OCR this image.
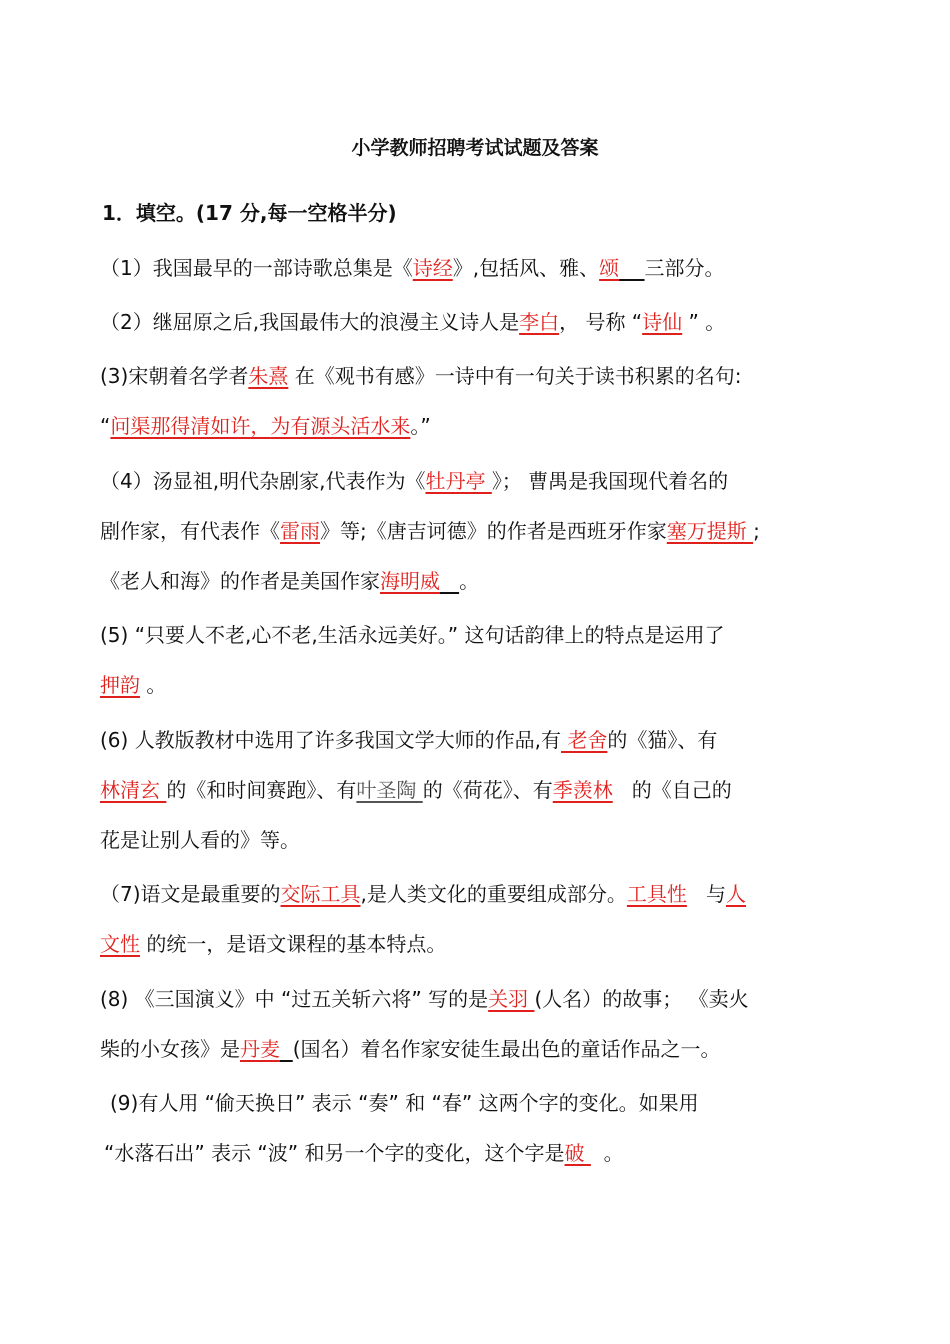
小学教师招聘考试试题及答案
1．填空。(17 分,每一空格半分)
（1）我国最早的一部诗歌总集是《诗经》,包括风、雅、颂 三部分。
（2）继屈原之后,我国最伟大的浪漫主义诗人是李白， 号称 “诗仙 ” 。
(3)宋朝着名学者朱熹 在《观书有感》一诗中有一句关于读书积累的名句:
“问渠那得清如许，为有源头活水来。”
（4）汤显祖,明代杂剧家,代表作为《牡丹亭 》； 曹禺是我国现代着名的
剧作家，有代表作《雷雨》等;《唐吉诃德》的作者是西班牙作家塞万提斯 ;
《老人和海》的作者是美国作家海明威 。
(5) “只要人不老,心不老,生活永远美好。” 这句话韵律上的特点是运用了
押韵 。
(6) 人教版教材中选用了许多我国文学大师的作品,有 老舍的《猫》、有
林清玄 的《和时间赛跑》、有叶圣陶 的《荷花》、有季羡林   的《自己的
花是让别人看的》等。
（7)语文是最重要的交际工具,是人类文化的重要组成部分。工具性   与人
文性 的统一，是语文课程的基本特点。
(8) 《三国演义》中 “过五关斩六将” 写的是关羽 (人名）的故事； 《卖火
柴的小女孩》是丹麦 (国名）着名作家安徒生最出色的童话作品之一。
(9)有人用 “偷天换日” 表示 “奏” 和 “春” 这两个字的变化。如果用
“水落石出” 表示 “波” 和另一个字的变化，这个字是破   。
